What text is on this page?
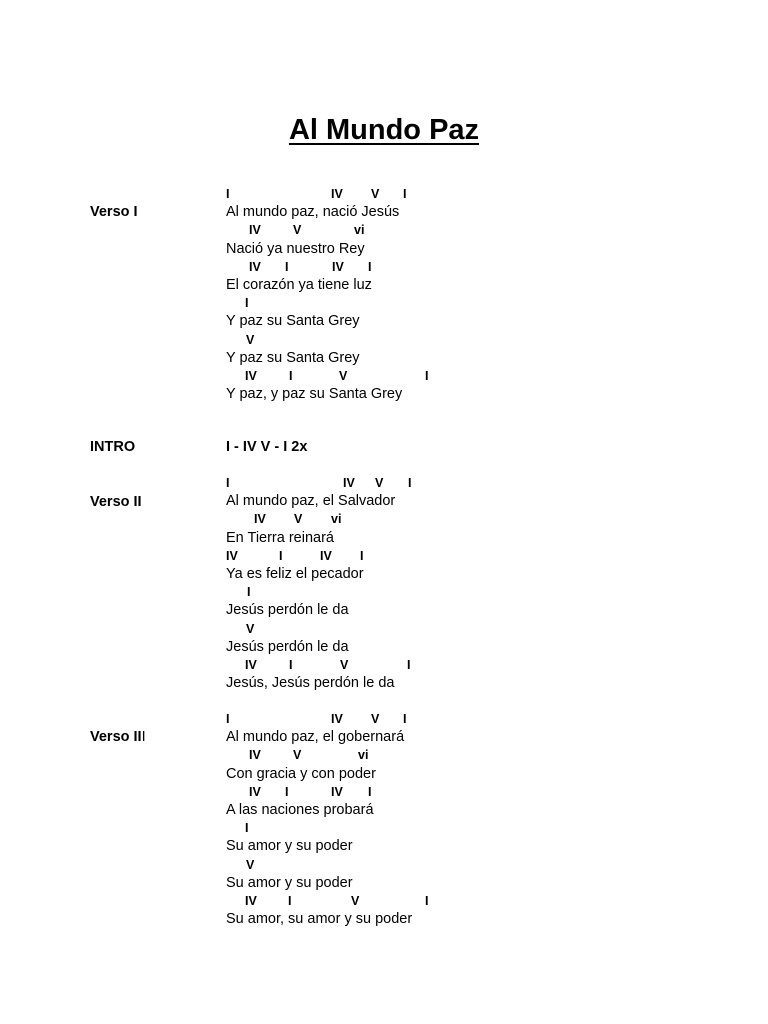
Al Mundo Paz
Verso I

I

	IV

V

I

Al mundo paz, nació Jesús

IV

	V

	vi

Nació ya nuestro Rey

IV

I

	IV

I

El corazón ya tiene luz

I

Y paz su Santa Grey

V

Y paz su Santa Grey

IV

	I

	V

	I

Y paz, y paz su Santa Grey
INTRO	I - IV V - I 2x
Verso II

I

	IV

V

I

Al mundo paz, el Salvador

IV

V

vi

En Tierra reinará

IV

	I

	IV

I

Ya es feliz el pecador

I

Jesús perdón le da

V

Jesús perdón le da

IV

	I

	V

	I

Jesús, Jesús perdón le da
Verso III

I

	IV

V

I

Al mundo paz, el gobernará

IV

	V

	vi

Con gracia y con poder

IV

I

	IV

I

A las naciones probará

I

Su amor y su poder

V

Su amor y su poder

IV

I

	V

	I

Su amor, su amor y su poder
